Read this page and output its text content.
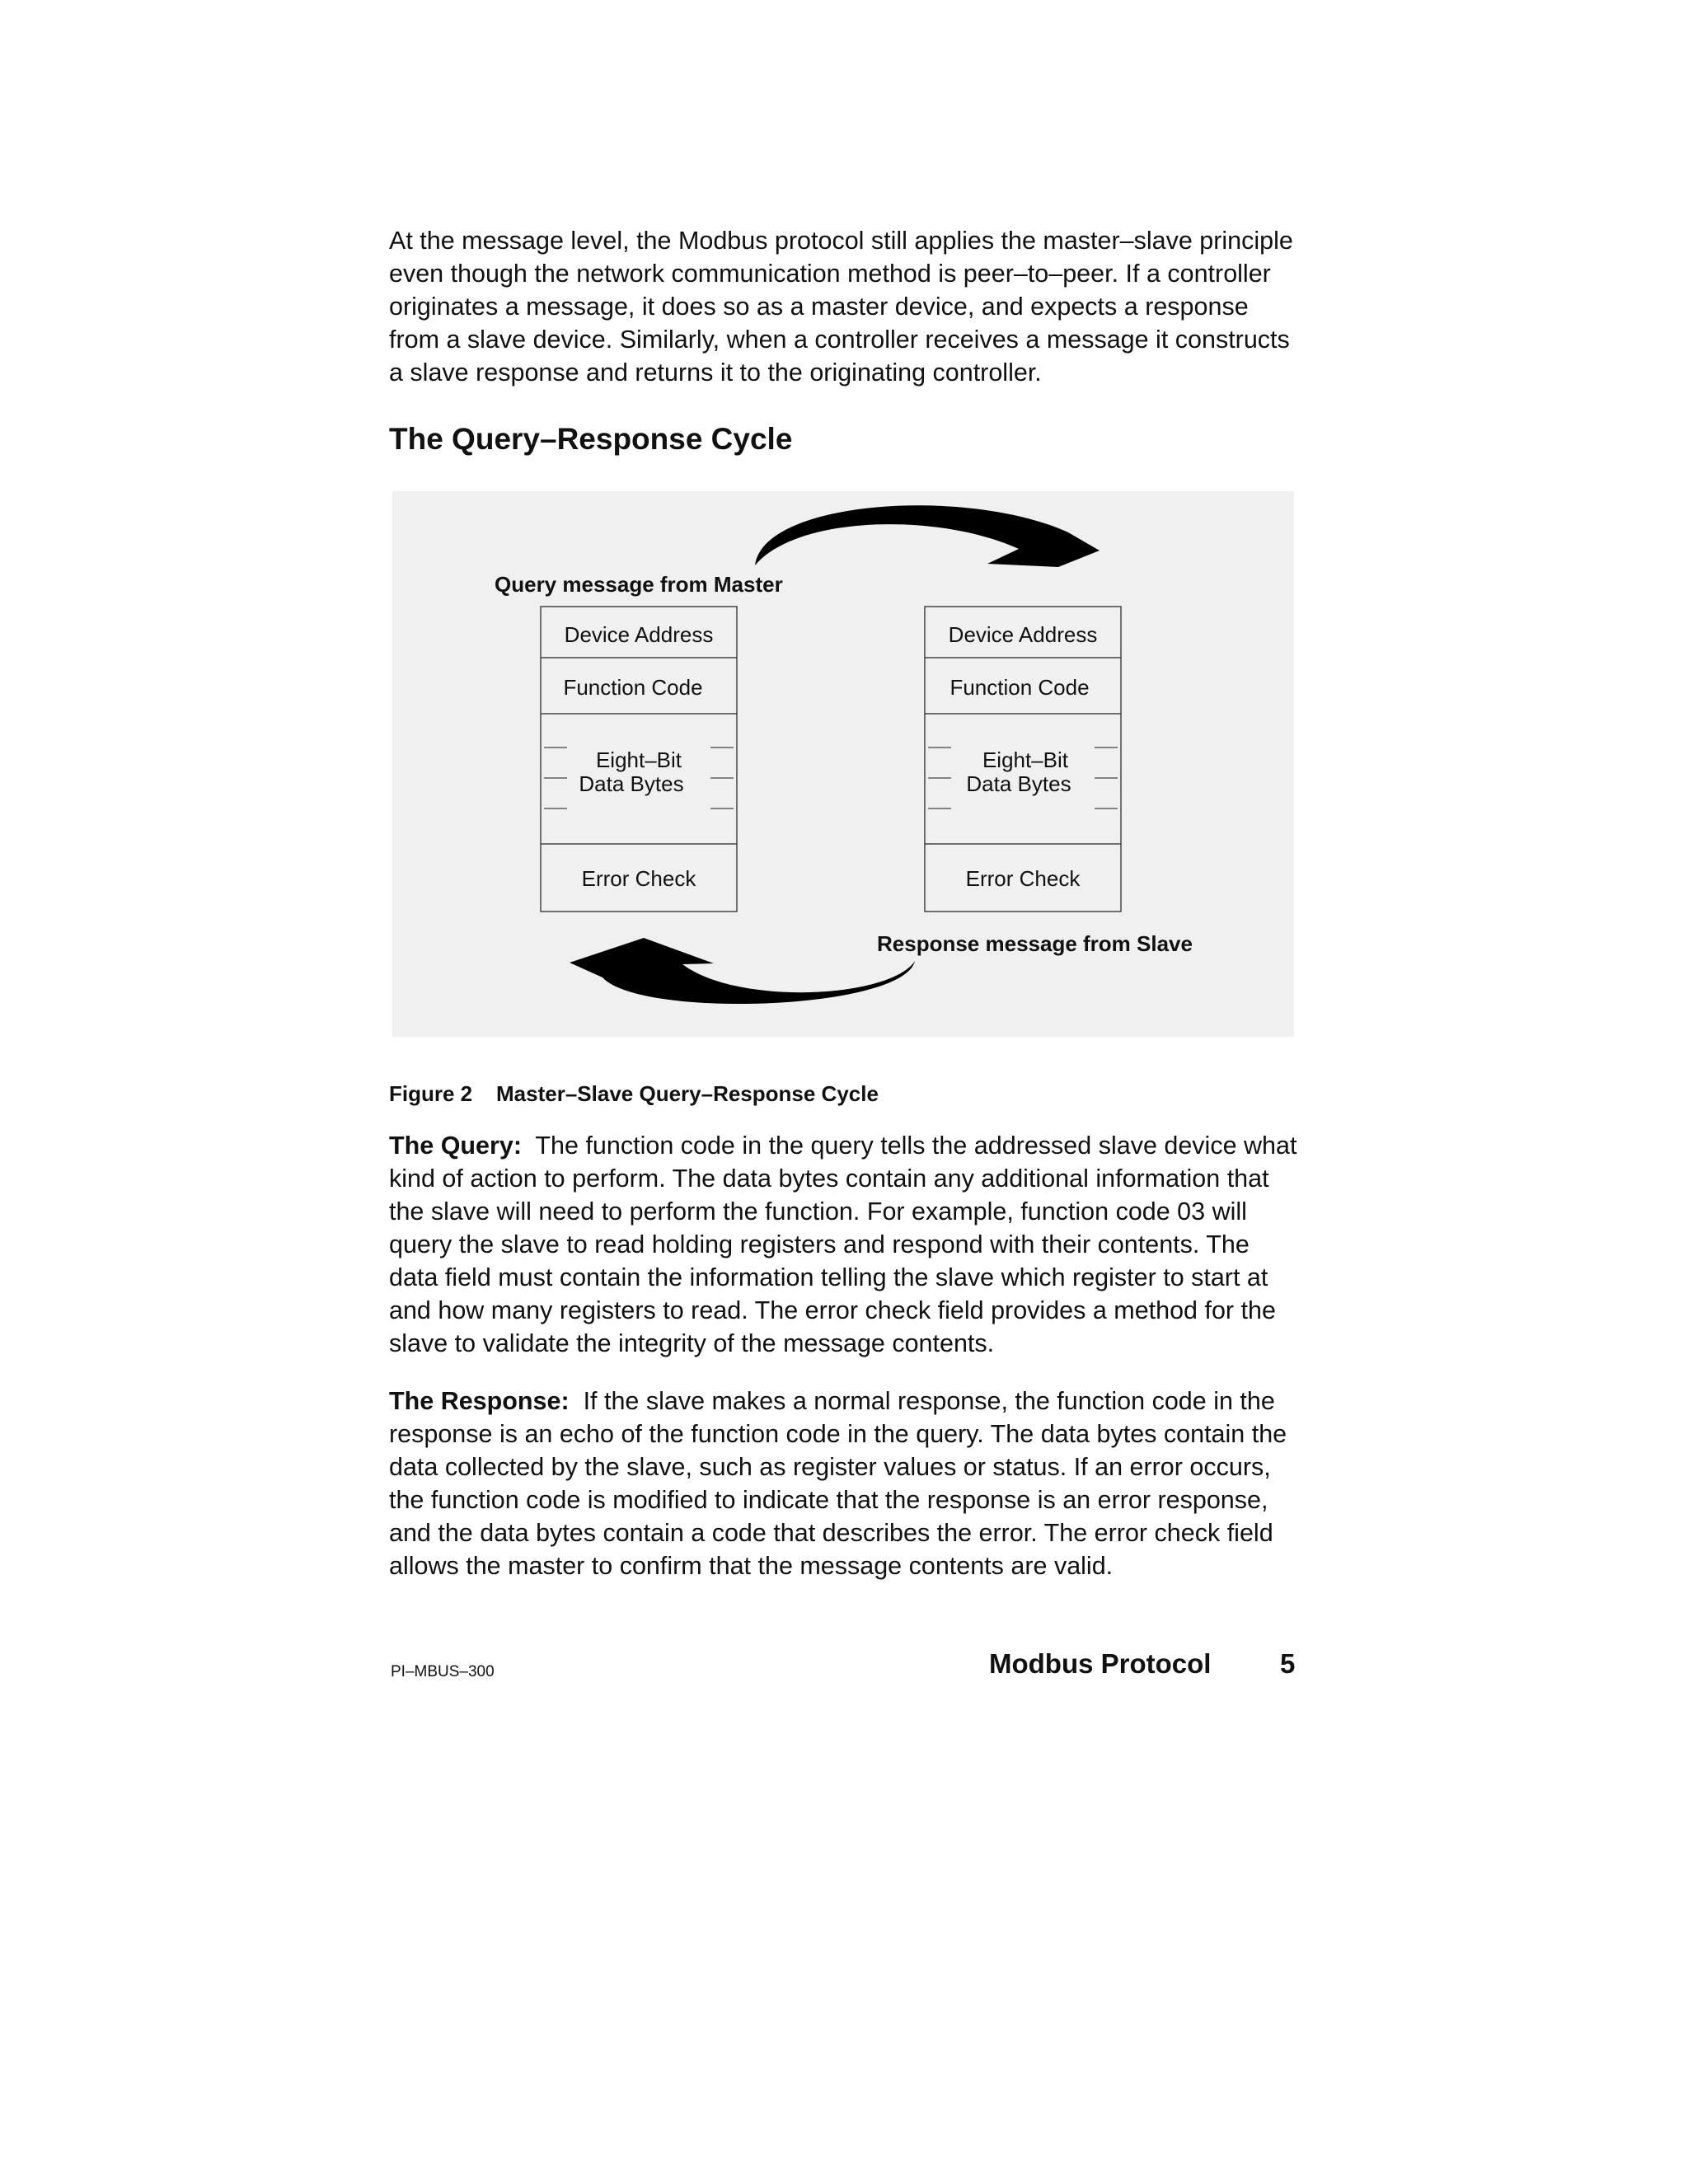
At the message level, the Modbus protocol still applies the master–slave principle even though the network communication method is peer–to–peer. If a controller originates a message, it does so as a master device, and expects a response from a slave device. Similarly, when a controller receives a message it constructs a slave response and returns it to the originating controller.

The Query–Response Cycle
Query message from Master
Response message from Slave
Device Address
Function Code
Eight–Bit
Data Bytes
Error Check
Device Address
Function Code
Eight–Bit
Data Bytes
Error Check

Figure 2    Master–Slave Query–Response Cycle

The Query: The function code in the query tells the addressed slave device what kind of action to perform. The data bytes contain any additional information that the slave will need to perform the function. For example, function code 03 will query the slave to read holding registers and respond with their contents. The data field must contain the information telling the slave which register to start at and how many registers to read. The error check field provides a method for the slave to validate the integrity of the message contents.

The Response: If the slave makes a normal response, the function code in the response is an echo of the function code in the query. The data bytes contain the data collected by the slave, such as register values or status. If an error occurs, the function code is modified to indicate that the response is an error response, and the data bytes contain a code that describes the error. The error check field allows the master to confirm that the message contents are valid.

PI–MBUS–300	Modbus Protocol	5
